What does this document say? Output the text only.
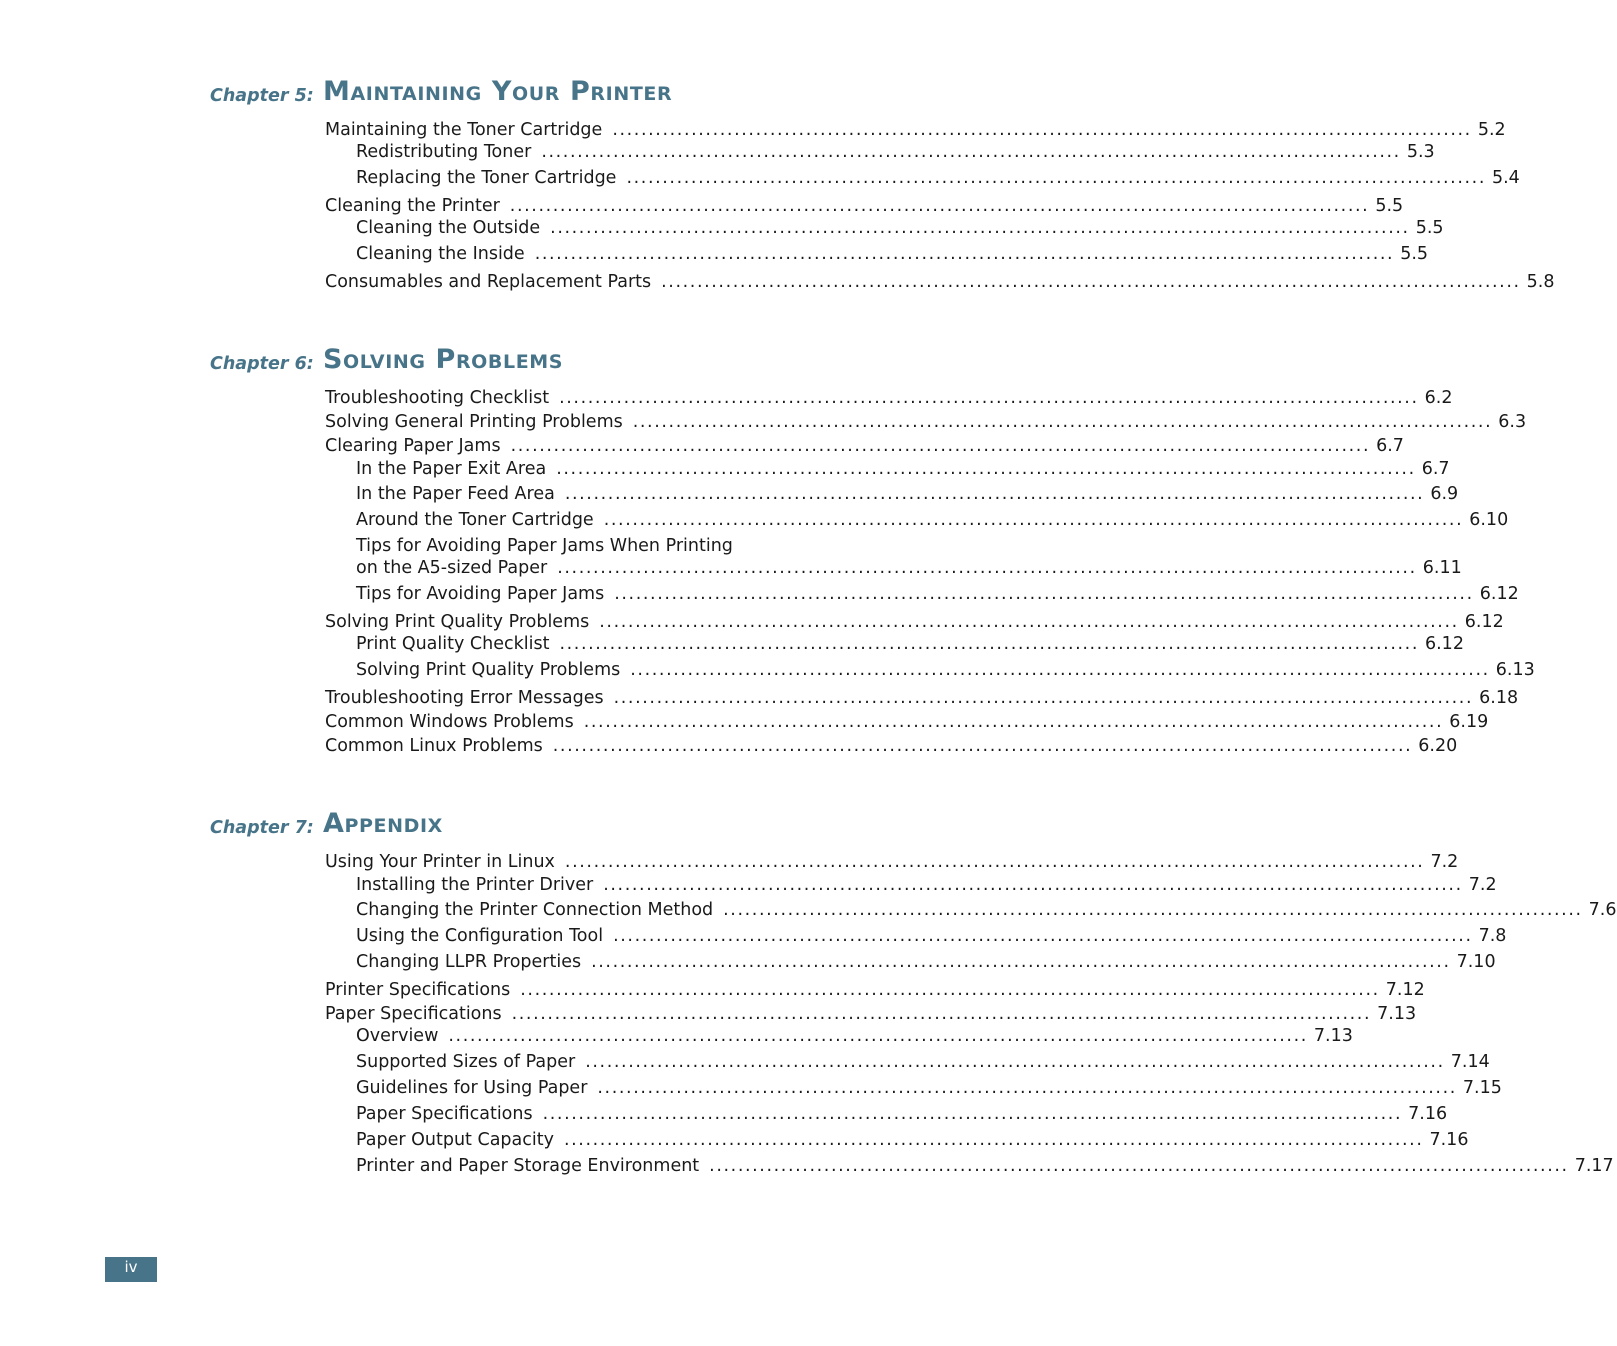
Chapter 5: Maintaining Your Printer
Maintaining the Toner Cartridge ........................................................................................................................ 5.2
Redistributing Toner ........................................................................................................................ 5.3
Replacing the Toner Cartridge ........................................................................................................................ 5.4
Cleaning the Printer ........................................................................................................................ 5.5
Cleaning the Outside ........................................................................................................................ 5.5
Cleaning the Inside ........................................................................................................................ 5.5
Consumables and Replacement Parts ........................................................................................................................ 5.8
Chapter 6: Solving Problems
Troubleshooting Checklist ........................................................................................................................ 6.2
Solving General Printing Problems ........................................................................................................................ 6.3
Clearing Paper Jams ........................................................................................................................ 6.7
In the Paper Exit Area ........................................................................................................................ 6.7
In the Paper Feed Area ........................................................................................................................ 6.9
Around the Toner Cartridge ........................................................................................................................ 6.10
Tips for Avoiding Paper Jams When Printing
on the A5-sized Paper ........................................................................................................................ 6.11
Tips for Avoiding Paper Jams ........................................................................................................................ 6.12
Solving Print Quality Problems ........................................................................................................................ 6.12
Print Quality Checklist ........................................................................................................................ 6.12
Solving Print Quality Problems ........................................................................................................................ 6.13
Troubleshooting Error Messages ........................................................................................................................ 6.18
Common Windows Problems ........................................................................................................................ 6.19
Common Linux Problems ........................................................................................................................ 6.20
Chapter 7: Appendix
Using Your Printer in Linux ........................................................................................................................ 7.2
Installing the Printer Driver ........................................................................................................................ 7.2
Changing the Printer Connection Method ........................................................................................................................ 7.6
Using the Configuration Tool ........................................................................................................................ 7.8
Changing LLPR Properties ........................................................................................................................ 7.10
Printer Specifications ........................................................................................................................ 7.12
Paper Specifications ........................................................................................................................ 7.13
Overview ........................................................................................................................ 7.13
Supported Sizes of Paper ........................................................................................................................ 7.14
Guidelines for Using Paper ........................................................................................................................ 7.15
Paper Specifications ........................................................................................................................ 7.16
Paper Output Capacity ........................................................................................................................ 7.16
Printer and Paper Storage Environment ........................................................................................................................ 7.17
iv
